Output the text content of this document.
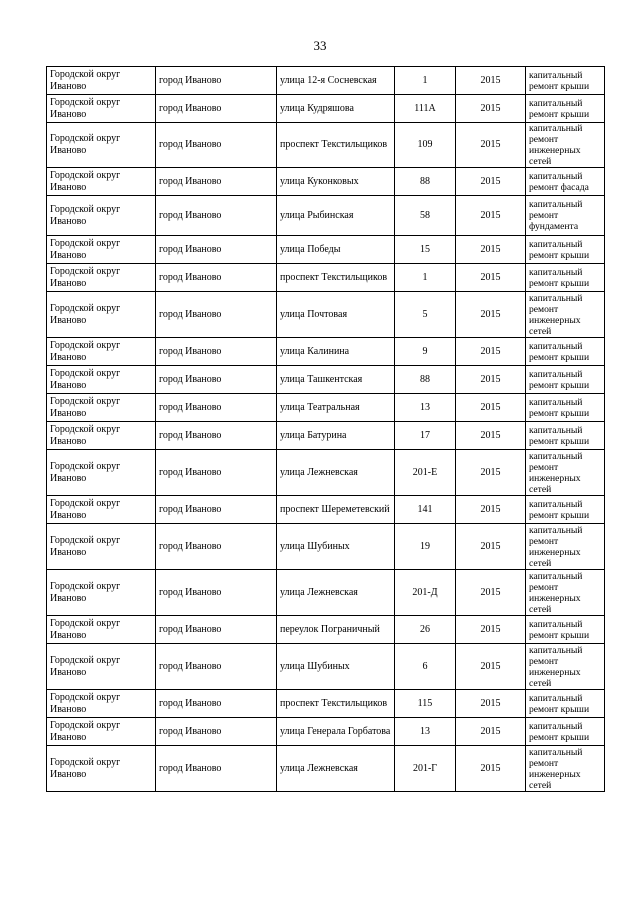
33
Городской округ Иваново	город Иваново	улица 12-я Сосневская	1	2015	капитальный ремонт крыши
Городской округ Иваново	город Иваново	улица Кудряшова	111А	2015	капитальный ремонт крыши
Городской округ Иваново	город Иваново	проспект Текстильщиков	109	2015	капитальный ремонт инженерных сетей
Городской округ Иваново	город Иваново	улица Куконковых	88	2015	капитальный ремонт фасада
Городской округ Иваново	город Иваново	улица Рыбинская	58	2015	капитальный ремонт фундамента
Городской округ Иваново	город Иваново	улица Победы	15	2015	капитальный ремонт крыши
Городской округ Иваново	город Иваново	проспект Текстильщиков	1	2015	капитальный ремонт крыши
Городской округ Иваново	город Иваново	улица Почтовая	5	2015	капитальный ремонт инженерных сетей
Городской округ Иваново	город Иваново	улица Калинина	9	2015	капитальный ремонт крыши
Городской округ Иваново	город Иваново	улица Ташкентская	88	2015	капитальный ремонт крыши
Городской округ Иваново	город Иваново	улица Театральная	13	2015	капитальный ремонт крыши
Городской округ Иваново	город Иваново	улица Батурина	17	2015	капитальный ремонт крыши
Городской округ Иваново	город Иваново	улица Лежневская	201-Е	2015	капитальный ремонт инженерных сетей
Городской округ Иваново	город Иваново	проспект Шереметевский	141	2015	капитальный ремонт крыши
Городской округ Иваново	город Иваново	улица Шубиных	19	2015	капитальный ремонт инженерных сетей
Городской округ Иваново	город Иваново	улица Лежневская	201-Д	2015	капитальный ремонт инженерных сетей
Городской округ Иваново	город Иваново	переулок Пограничный	26	2015	капитальный ремонт крыши
Городской округ Иваново	город Иваново	улица Шубиных	6	2015	капитальный ремонт инженерных сетей
Городской округ Иваново	город Иваново	проспект Текстильщиков	115	2015	капитальный ремонт крыши
Городской округ Иваново	город Иваново	улица Генерала Горбатова	13	2015	капитальный ремонт крыши
Городской округ Иваново	город Иваново	улица Лежневская	201-Г	2015	капитальный ремонт инженерных сетей
